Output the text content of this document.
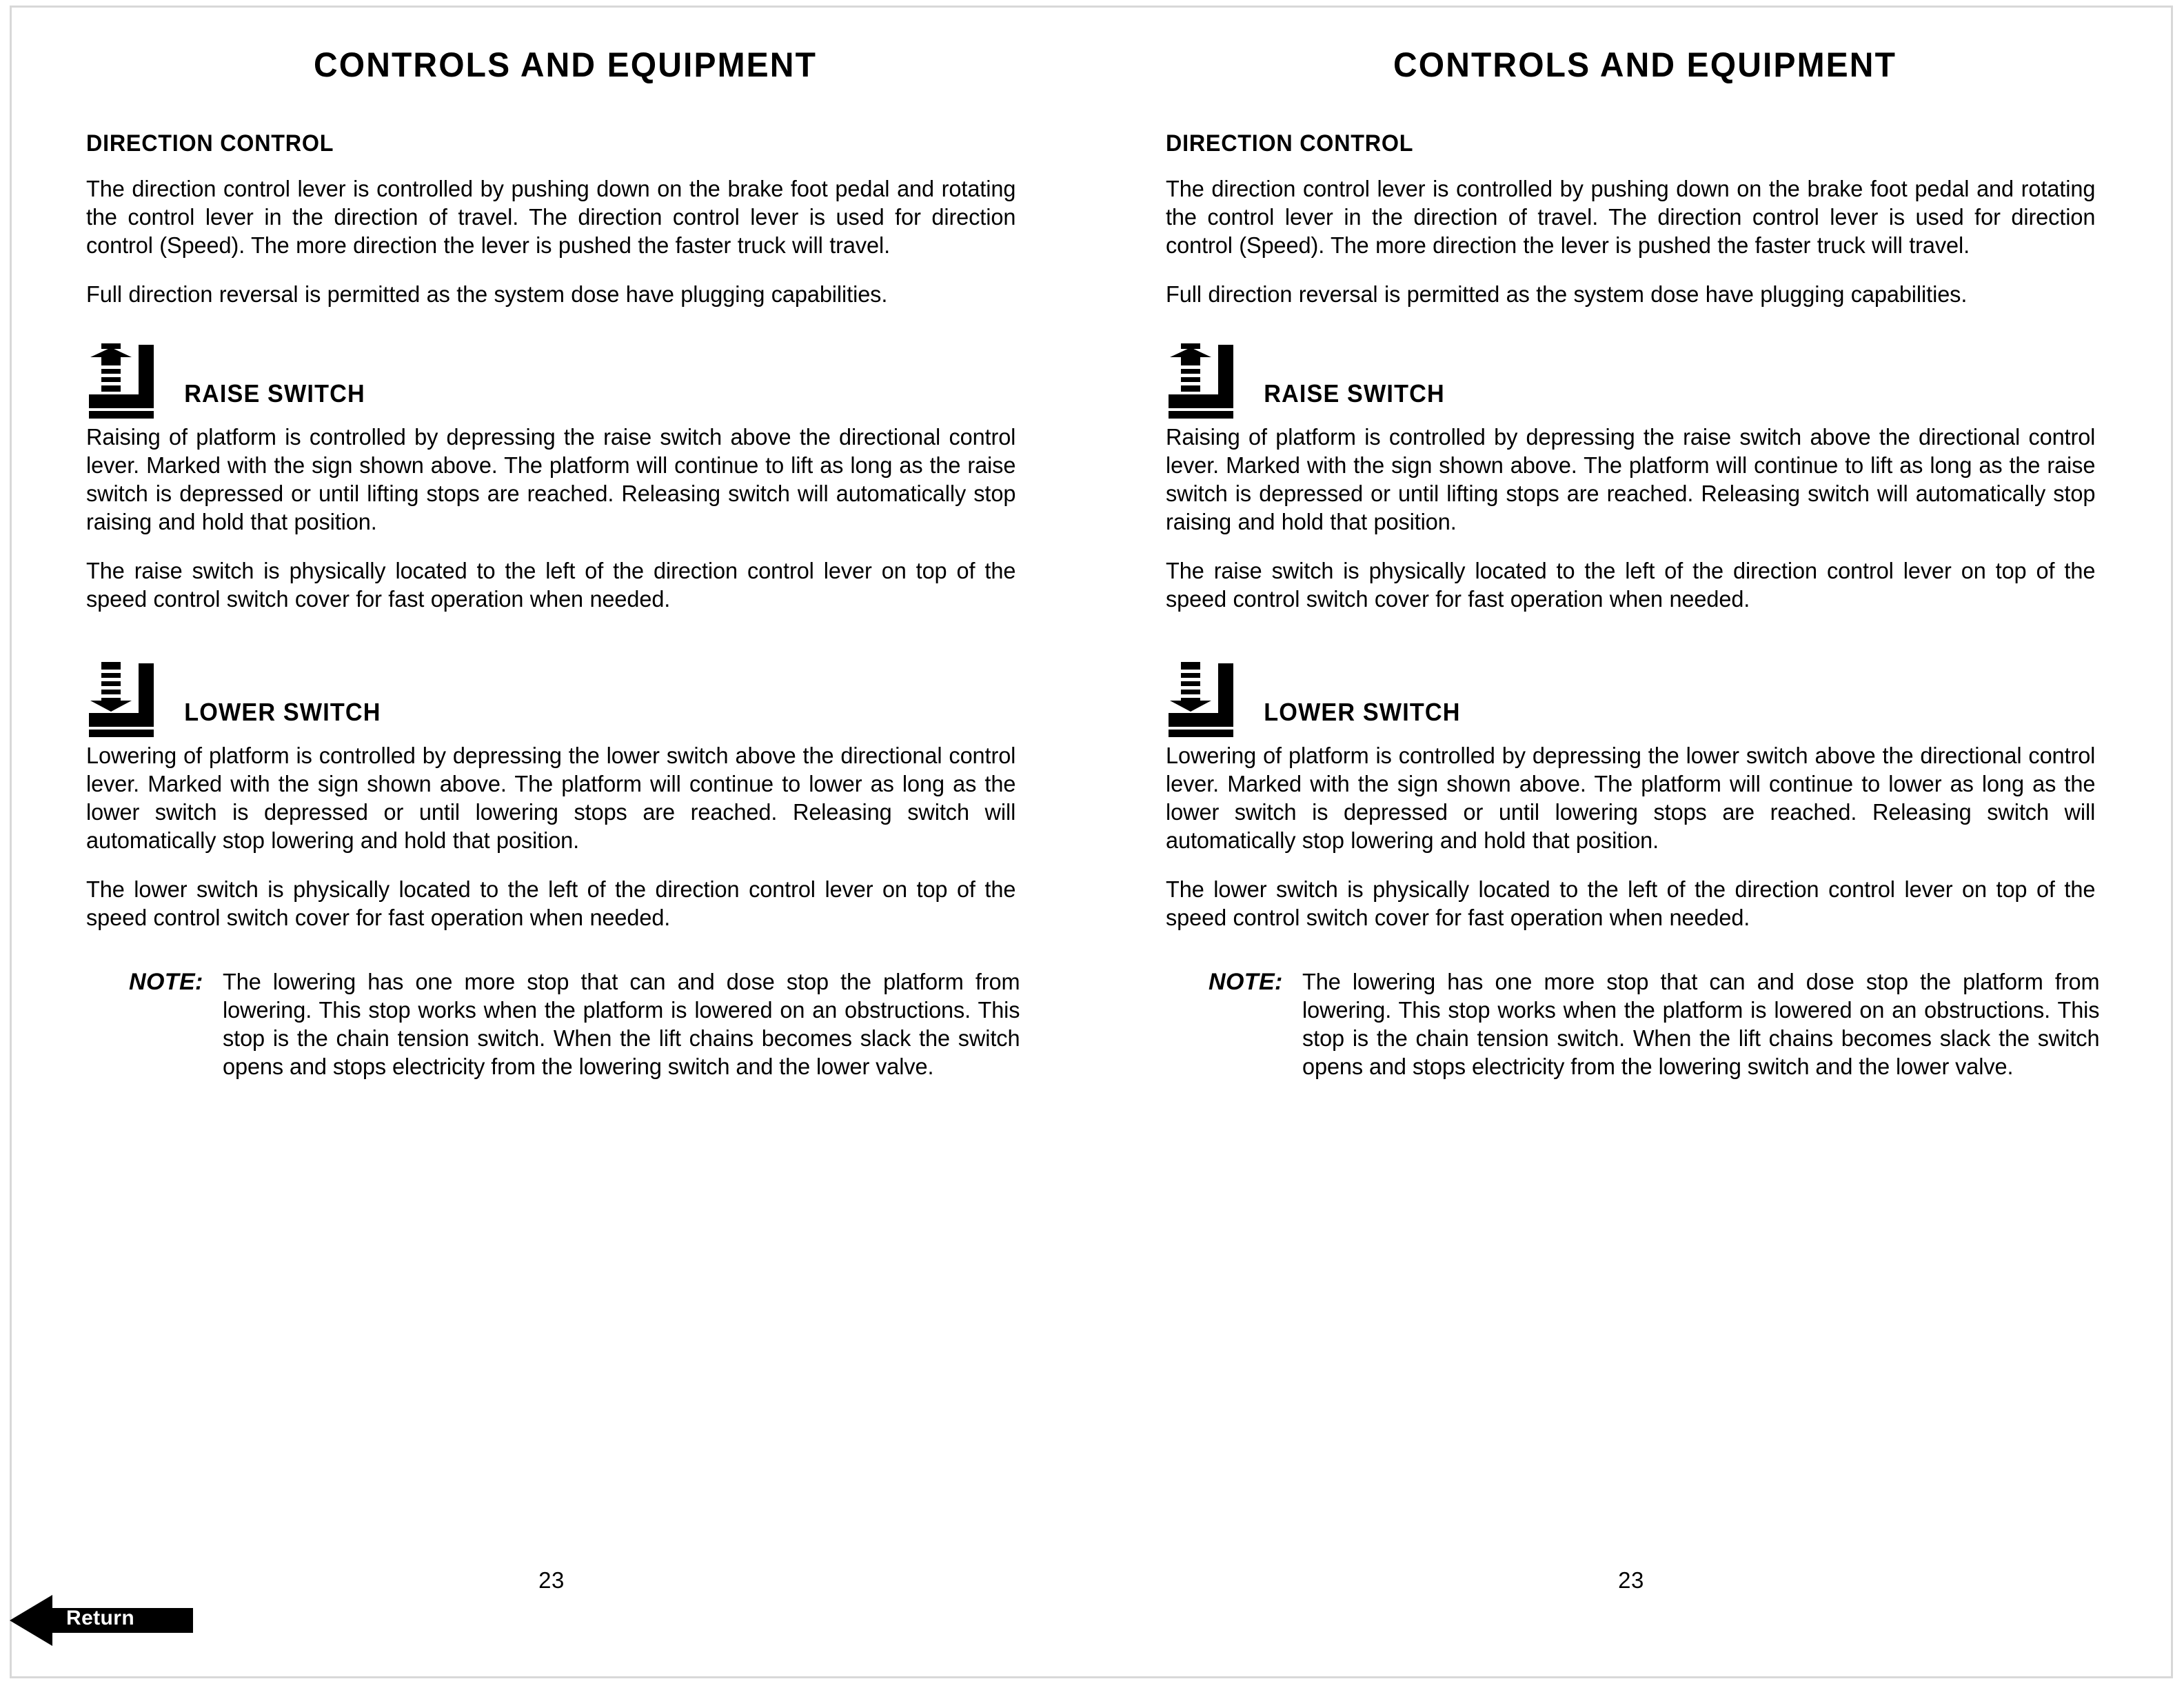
CONTROLS AND EQUIPMENT
DIRECTION CONTROL

The direction control lever is controlled by pushing down on the brake foot pedal and rotating the control lever in the direction of travel. The direction control lever is used for direction control (Speed). The more direction the lever is pushed the faster truck will travel.

Full direction reversal is permitted as the system dose have plugging capabilities.

RAISE SWITCH

Raising of platform is controlled by depressing the raise switch above the directional control lever. Marked with the sign shown above. The platform will continue to lift as long as the raise switch is depressed or until lifting stops are reached. Releasing switch will automatically stop raising and hold that position.

The raise switch is physically located to the left of the direction control lever on top of the speed control switch cover for fast operation when needed.

LOWER SWITCH

Lowering of platform is controlled by depressing the lower switch above the directional control lever. Marked with the sign shown above. The platform will continue to lower as long as the lower switch is depressed or until lowering stops are reached. Releasing switch will automatically stop lowering and hold that position.

The lower switch is physically located to the left of the direction control lever on top of the speed control switch cover for fast operation when needed.

NOTE: The lowering has one more stop that can and dose stop the platform from lowering. This stop works when the platform is lowered on an obstructions. This stop is the chain tension switch. When the lift chains becomes slack the switch opens and stops electricity from the lowering switch and the lower valve.
23
CONTROLS AND EQUIPMENT
DIRECTION CONTROL

The direction control lever is controlled by pushing down on the brake foot pedal and rotating the control lever in the direction of travel. The direction control lever is used for direction control (Speed). The more direction the lever is pushed the faster truck will travel.

Full direction reversal is permitted as the system dose have plugging capabilities.

RAISE SWITCH

Raising of platform is controlled by depressing the raise switch above the directional control lever. Marked with the sign shown above. The platform will continue to lift as long as the raise switch is depressed or until lifting stops are reached. Releasing switch will automatically stop raising and hold that position.

The raise switch is physically located to the left of the direction control lever on top of the speed control switch cover for fast operation when needed.

LOWER SWITCH

Lowering of platform is controlled by depressing the lower switch above the directional control lever. Marked with the sign shown above. The platform will continue to lower as long as the lower switch is depressed or until lowering stops are reached. Releasing switch will automatically stop lowering and hold that position.

The lower switch is physically located to the left of the direction control lever on top of the speed control switch cover for fast operation when needed.

NOTE: The lowering has one more stop that can and dose stop the platform from lowering. This stop works when the platform is lowered on an obstructions. This stop is the chain tension switch. When the lift chains becomes slack the switch opens and stops electricity from the lowering switch and the lower valve.
23
Return
